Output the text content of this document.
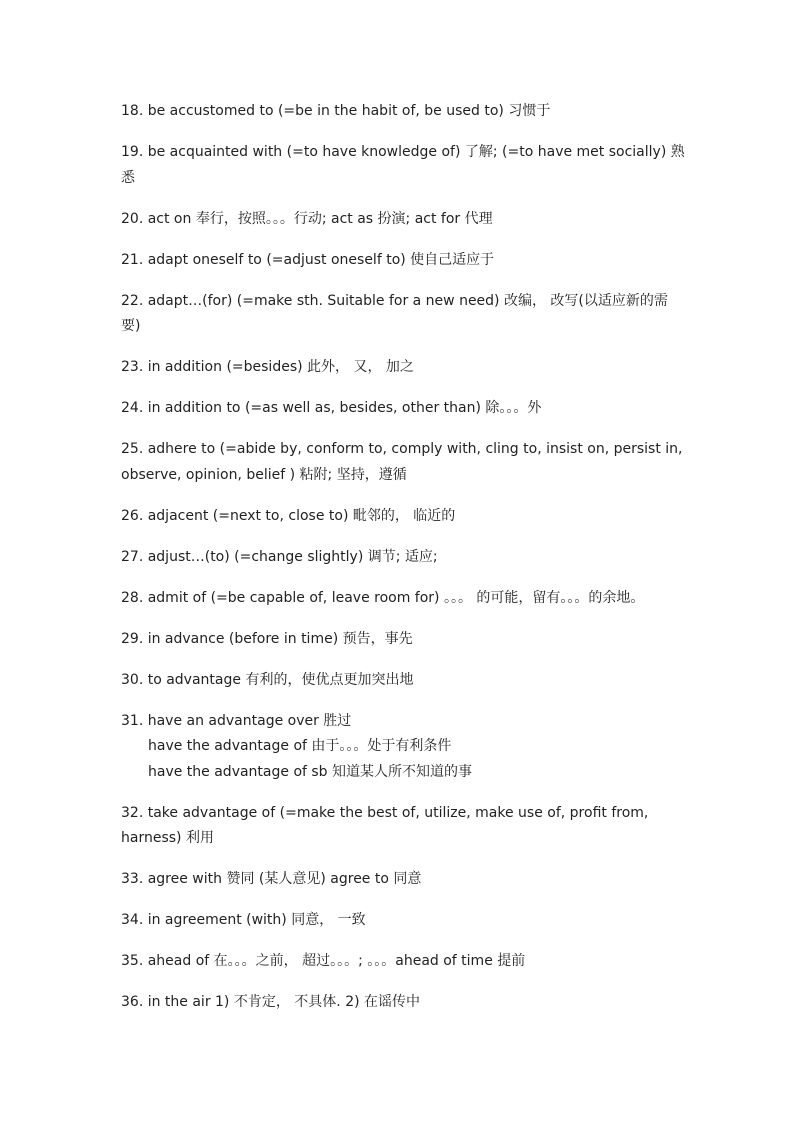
18. be accustomed to (=be in the habit of, be used to) 习惯于
19. be acquainted with (=to have knowledge of) 了解; (=to have met socially) 熟悉
20. act on 奉行，按照。。。行动; act as 扮演; act for 代理
21. adapt oneself to (=adjust oneself to) 使自己适应于
22. adapt…(for) (=make sth. Suitable for a new need) 改编， 改写(以适应新的需要)
23. in addition (=besides) 此外， 又， 加之
24. in addition to (=as well as, besides, other than) 除。。。外
25. adhere to (=abide by, conform to, comply with, cling to, insist on, persist in, observe, opinion, belief ) 粘附; 坚持，遵循
26. adjacent (=next to, close to) 毗邻的， 临近的
27. adjust…(to) (=change slightly) 调节; 适应;
28. admit of (=be capable of, leave room for) 。。。 的可能，留有。。。的余地。
29. in advance (before in time) 预告，事先
30. to advantage 有利的，使优点更加突出地
31. have an advantage over 胜过
have the advantage of 由于。。。处于有利条件
have the advantage of sb 知道某人所不知道的事
32. take advantage of (=make the best of, utilize, make use of, profit from, harness) 利用
33. agree with 赞同 (某人意见) agree to 同意
34. in agreement (with) 同意， 一致
35. ahead of 在。。。之前， 超过。。。; 。。。ahead of time 提前
36. in the air 1) 不肯定， 不具体. 2) 在谣传中
